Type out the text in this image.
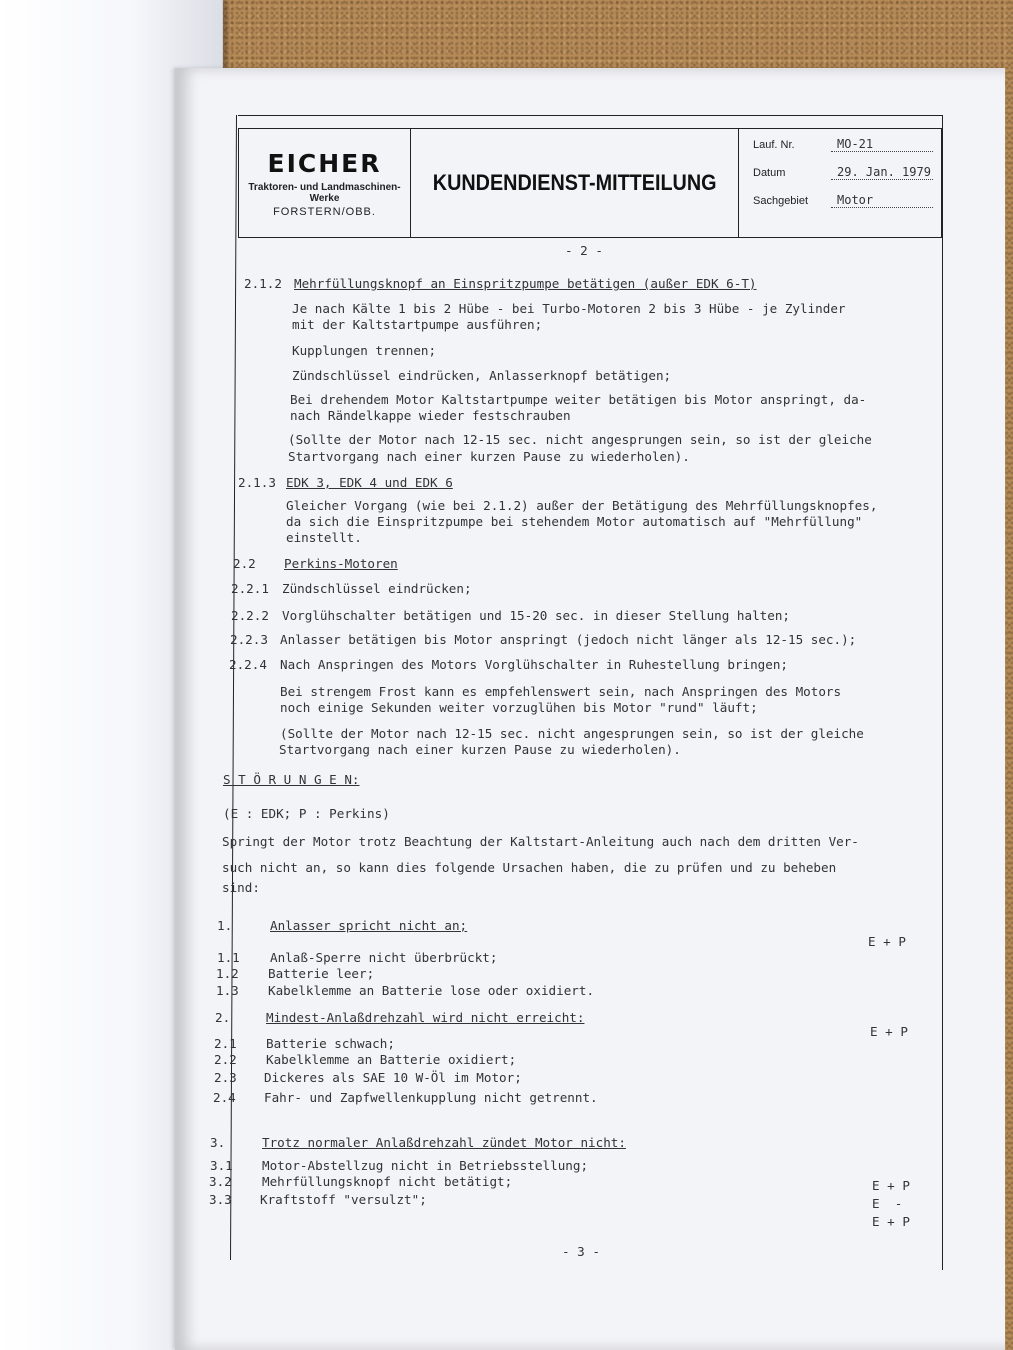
EICHER
Traktoren- und Landmaschinen-Werke
FORSTERN/OBB.
KUNDENDIENST-MITTEILUNG
Lauf. Nr.	MO-21
Datum	29. Jan. 1979
Sachgebiet	Motor
- 2 -
2.1.2 Mehrfüllungsknopf an Einspritzpumpe betätigen (außer EDK 6-T)
Je nach Kälte 1 bis 2 Hübe - bei Turbo-Motoren 2 bis 3 Hübe - je Zylinder
mit der Kaltstartpumpe ausführen;
Kupplungen trennen;
Zündschlüssel eindrücken, Anlasserknopf betätigen;
Bei drehendem Motor Kaltstartpumpe weiter betätigen bis Motor anspringt, da-
nach Rändelkappe wieder festschrauben
(Sollte der Motor nach 12-15 sec. nicht angesprungen sein, so ist der gleiche
Startvorgang nach einer kurzen Pause zu wiederholen).
2.1.3 EDK 3, EDK 4 und EDK 6
Gleicher Vorgang (wie bei 2.1.2) außer der Betätigung des Mehrfüllungsknopfes,
da sich die Einspritzpumpe bei stehendem Motor automatisch auf "Mehrfüllung"
einstellt.
2.2 Perkins-Motoren
2.2.1 Zündschlüssel eindrücken;
2.2.2 Vorglühschalter betätigen und 15-20 sec. in dieser Stellung halten;
2.2.3 Anlasser betätigen bis Motor anspringt (jedoch nicht länger als 12-15 sec.);
2.2.4 Nach Anspringen des Motors Vorglühschalter in Ruhestellung bringen;
Bei strengem Frost kann es empfehlenswert sein, nach Anspringen des Motors
noch einige Sekunden weiter vorzuglühen bis Motor "rund" läuft;
(Sollte der Motor nach 12-15 sec. nicht angesprungen sein, so ist der gleiche
Startvorgang nach einer kurzen Pause zu wiederholen).
S T Ö R U N G E N:
(E : EDK; P : Perkins)
Springt der Motor trotz Beachtung der Kaltstart-Anleitung auch nach dem dritten Ver-
such nicht an, so kann dies folgende Ursachen haben, die zu prüfen und zu beheben
sind:
1.	Anlasser spricht nicht an;
E + P
1.1 Anlaß-Sperre nicht überbrückt;
1.2 Batterie leer;
1.3 Kabelklemme an Batterie lose oder oxidiert.
2.	Mindest-Anlaßdrehzahl wird nicht erreicht:
E + P
2.1 Batterie schwach;
2.2 Kabelklemme an Batterie oxidiert;
2.3 Dickeres als SAE 10 W-Öl im Motor;
2.4 Fahr- und Zapfwellenkupplung nicht getrennt.
3.	Trotz normaler Anlaßdrehzahl zündet Motor nicht:
3.1 Motor-Abstellzug nicht in Betriebsstellung;
E + P
3.2 Mehrfüllungsknopf nicht betätigt;
E  -
3.3 Kraftstoff "versulzt";
E + P
- 3 -
